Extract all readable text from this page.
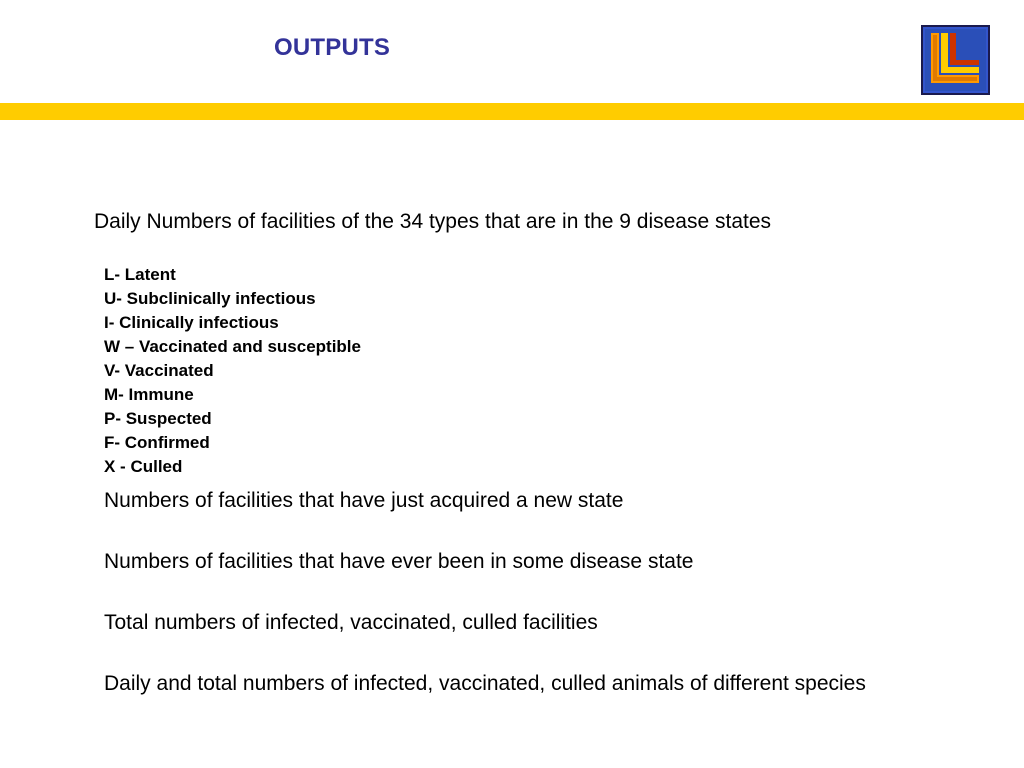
OUTPUTS
Daily Numbers of facilities of the 34 types that are in the 9 disease states
L- Latent
U- Subclinically infectious
I- Clinically infectious
W – Vaccinated and susceptible
V- Vaccinated
M- Immune
P- Suspected
F- Confirmed
X - Culled
Numbers of facilities that have just acquired a new state
Numbers of facilities that have ever been in some disease state
Total numbers of infected, vaccinated, culled facilities
Daily and total numbers of infected, vaccinated, culled animals of different species
